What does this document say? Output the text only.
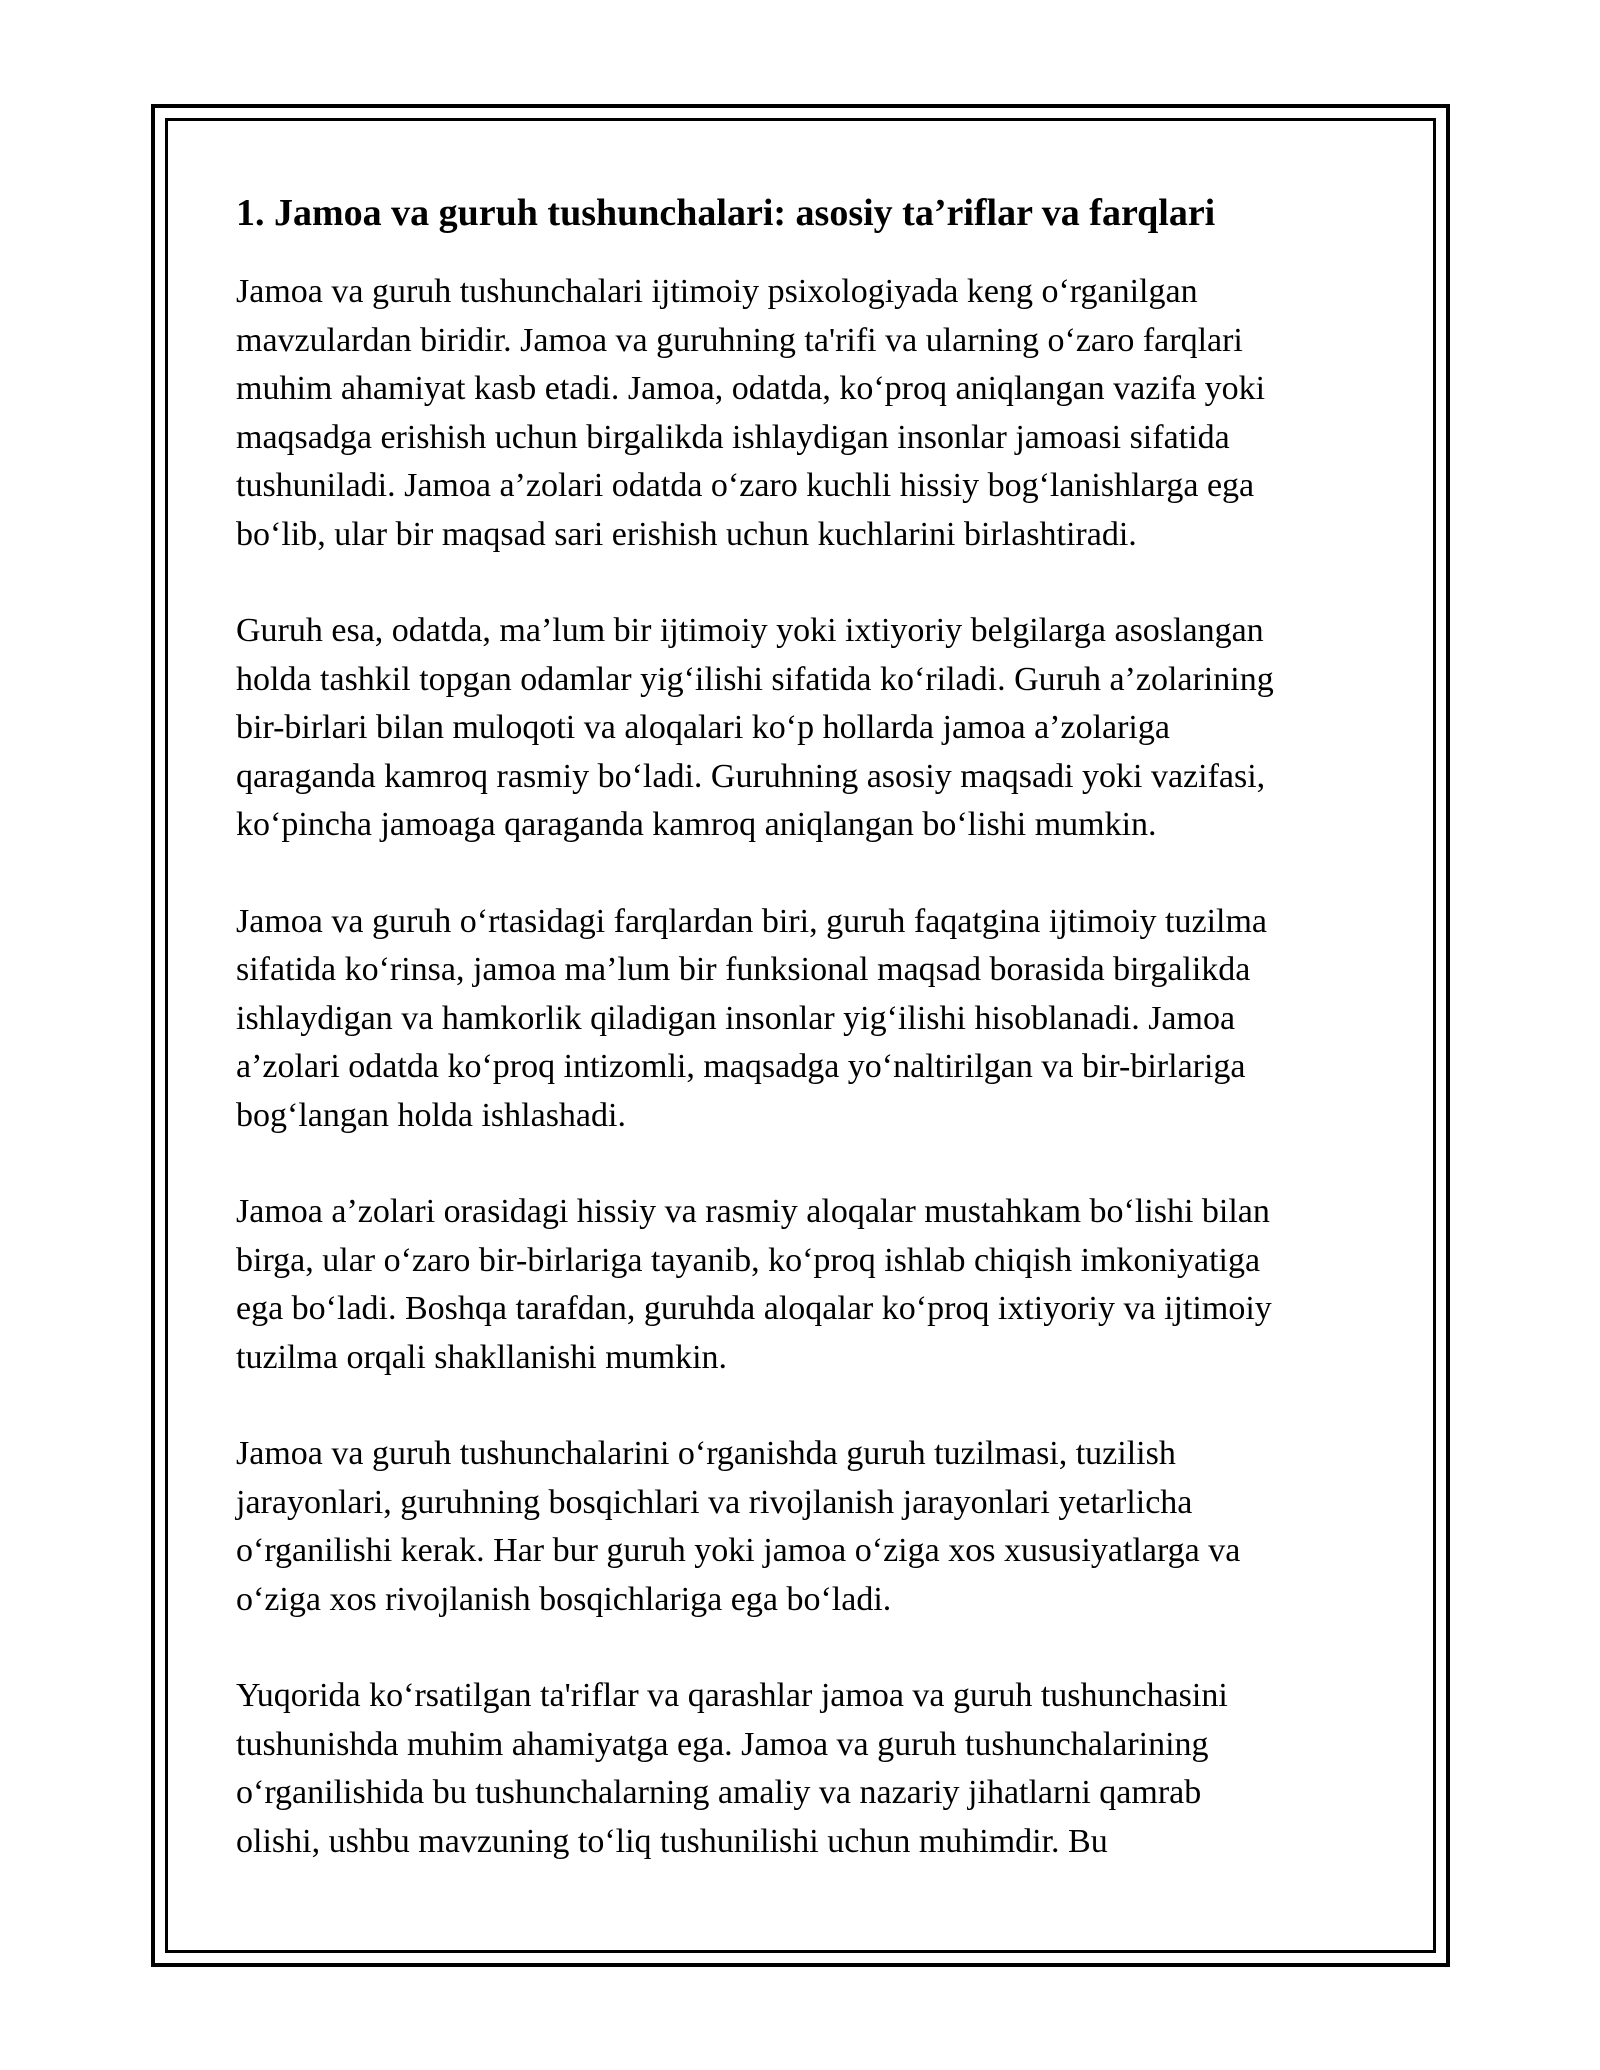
1. Jamoa va guruh tushunchalari: asosiy ta’riflar va farqlari

Jamoa va guruh tushunchalari ijtimoiy psixologiyada keng o‘rganilgan
mavzulardan biridir. Jamoa va guruhning ta'rifi va ularning o‘zaro farqlari
muhim ahamiyat kasb etadi. Jamoa, odatda, ko‘proq aniqlangan vazifa yoki
maqsadga erishish uchun birgalikda ishlaydigan insonlar jamoasi sifatida
tushuniladi. Jamoa a’zolari odatda o‘zaro kuchli hissiy bog‘lanishlarga ega
bo‘lib, ular bir maqsad sari erishish uchun kuchlarini birlashtiradi.

Guruh esa, odatda, ma’lum bir ijtimoiy yoki ixtiyoriy belgilarga asoslangan
holda tashkil topgan odamlar yig‘ilishi sifatida ko‘riladi. Guruh a’zolarining
bir-birlari bilan muloqoti va aloqalari ko‘p hollarda jamoa a’zolariga
qaraganda kamroq rasmiy bo‘ladi. Guruhning asosiy maqsadi yoki vazifasi,
ko‘pincha jamoaga qaraganda kamroq aniqlangan bo‘lishi mumkin.

Jamoa va guruh o‘rtasidagi farqlardan biri, guruh faqatgina ijtimoiy tuzilma
sifatida ko‘rinsa, jamoa ma’lum bir funksional maqsad borasida birgalikda
ishlaydigan va hamkorlik qiladigan insonlar yig‘ilishi hisoblanadi. Jamoa
a’zolari odatda ko‘proq intizomli, maqsadga yo‘naltirilgan va bir-birlariga
bog‘langan holda ishlashadi.

Jamoa a’zolari orasidagi hissiy va rasmiy aloqalar mustahkam bo‘lishi bilan
birga, ular o‘zaro bir-birlariga tayanib, ko‘proq ishlab chiqish imkoniyatiga
ega bo‘ladi. Boshqa tarafdan, guruhda aloqalar ko‘proq ixtiyoriy va ijtimoiy
tuzilma orqali shakllanishi mumkin.

Jamoa va guruh tushunchalarini o‘rganishda guruh tuzilmasi, tuzilish
jarayonlari, guruhning bosqichlari va rivojlanish jarayonlari yetarlicha
o‘rganilishi kerak. Har bur guruh yoki jamoa o‘ziga xos xususiyatlarga va
o‘ziga xos rivojlanish bosqichlariga ega bo‘ladi.

Yuqorida ko‘rsatilgan ta'riflar va qarashlar jamoa va guruh tushunchasini
tushunishda muhim ahamiyatga ega. Jamoa va guruh tushunchalarining
o‘rganilishida bu tushunchalarning amaliy va nazariy jihatlarni qamrab
olishi, ushbu mavzuning to‘liq tushunilishi uchun muhimdir. Bu
